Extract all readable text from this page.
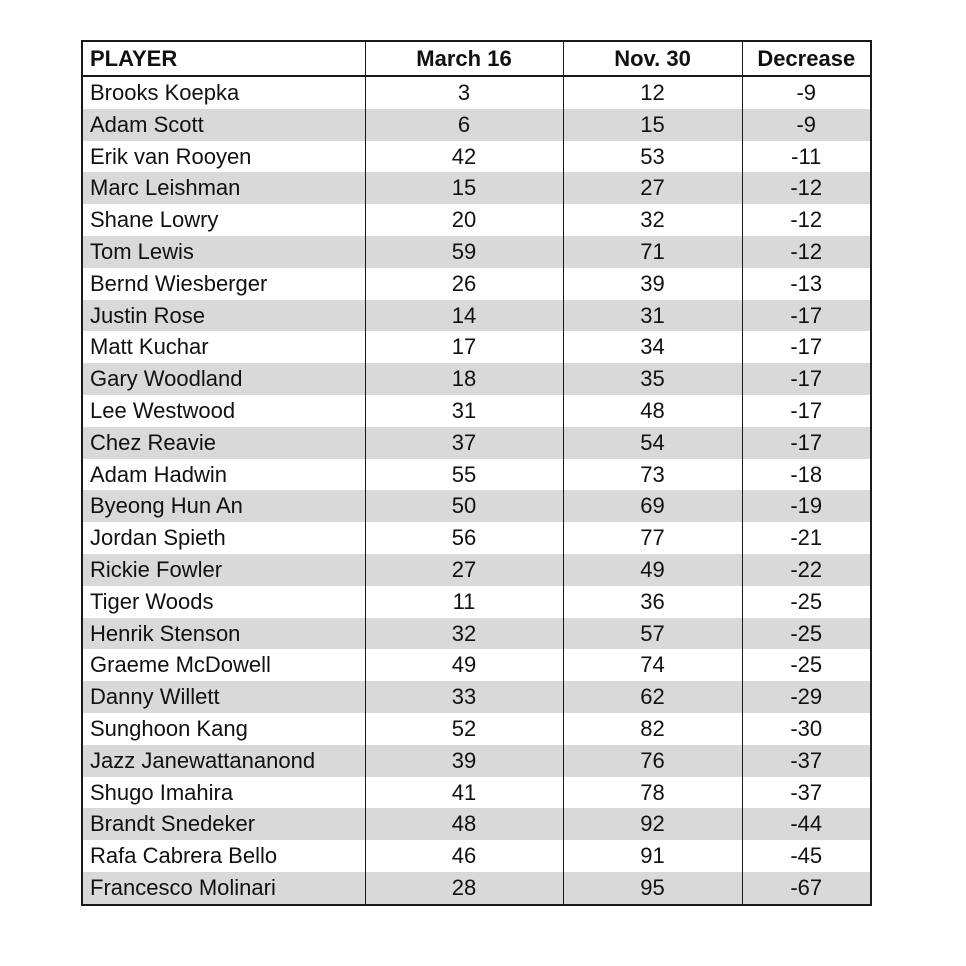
PLAYER	March 16	Nov. 30	Decrease
Brooks Koepka	3	12	-9
Adam Scott	6	15	-9
Erik van Rooyen	42	53	-11
Marc Leishman	15	27	-12
Shane Lowry	20	32	-12
Tom Lewis	59	71	-12
Bernd Wiesberger	26	39	-13
Justin Rose	14	31	-17
Matt Kuchar	17	34	-17
Gary Woodland	18	35	-17
Lee Westwood	31	48	-17
Chez Reavie	37	54	-17
Adam Hadwin	55	73	-18
Byeong Hun An	50	69	-19
Jordan Spieth	56	77	-21
Rickie Fowler	27	49	-22
Tiger Woods	11	36	-25
Henrik Stenson	32	57	-25
Graeme McDowell	49	74	-25
Danny Willett	33	62	-29
Sunghoon Kang	52	82	-30
Jazz Janewattananond	39	76	-37
Shugo Imahira	41	78	-37
Brandt Snedeker	48	92	-44
Rafa Cabrera Bello	46	91	-45
Francesco Molinari	28	95	-67
